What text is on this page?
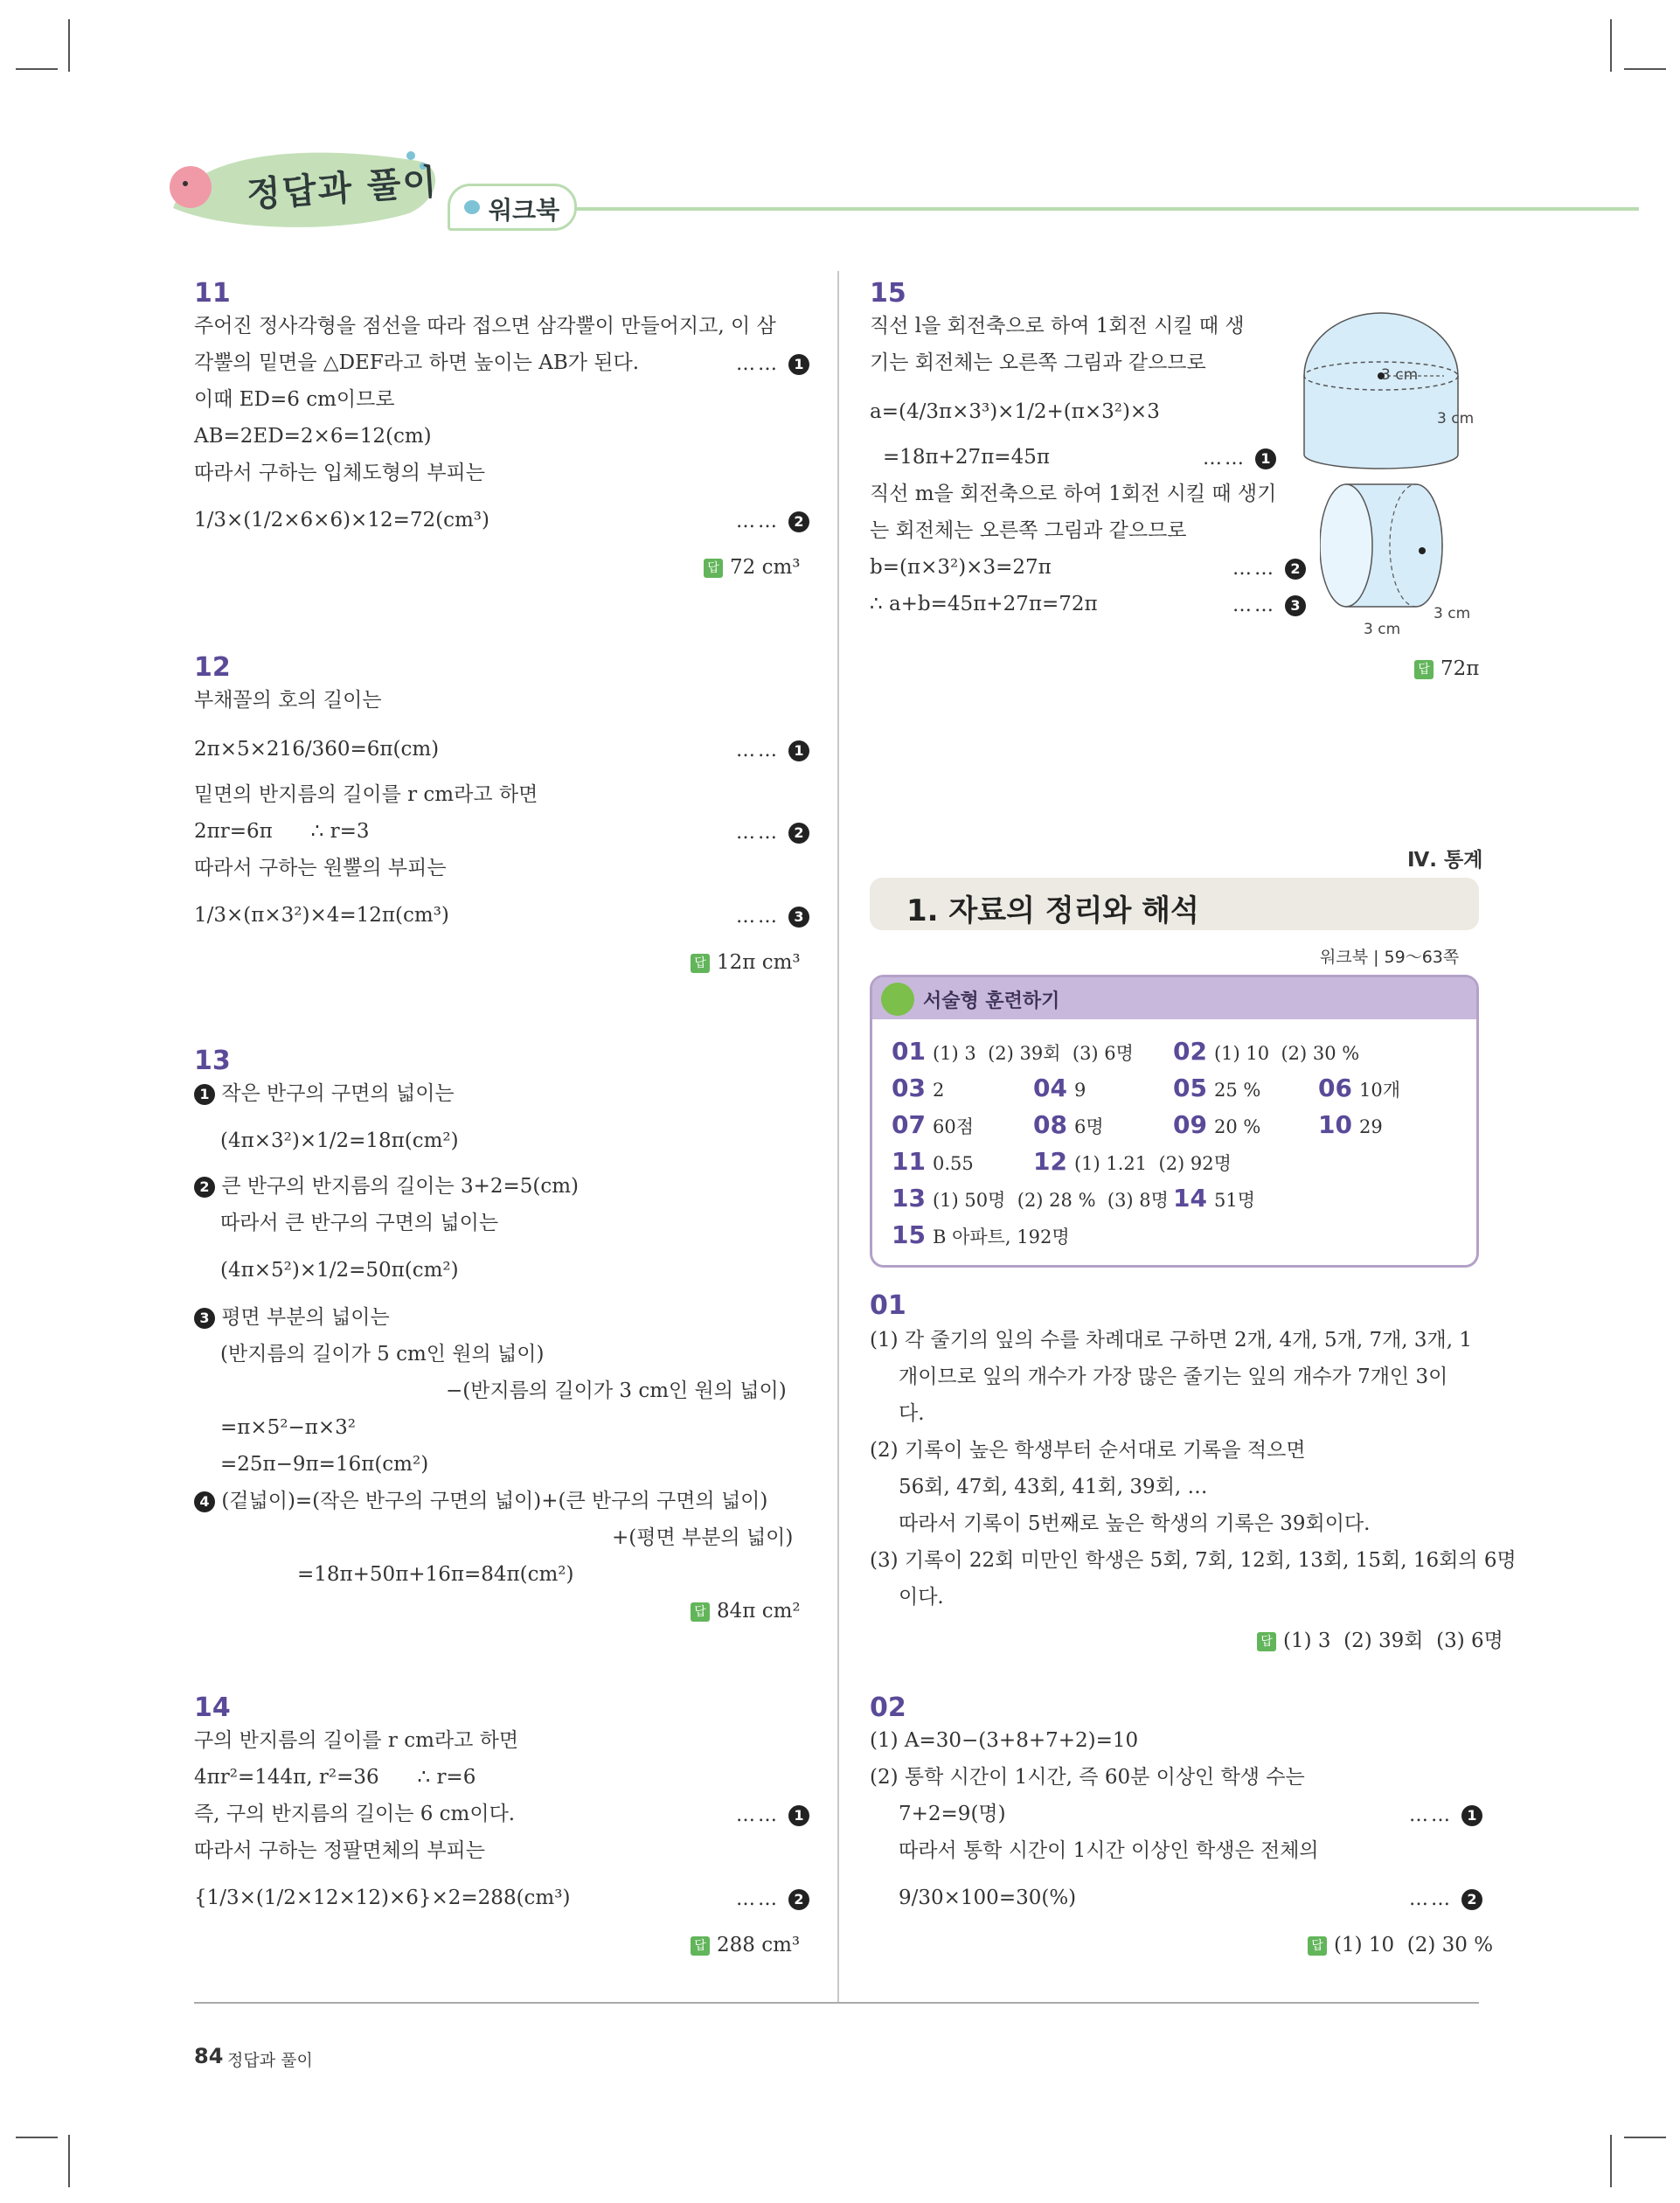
정답과 풀이 워크북
11
주어진 정사각형을 점선을 따라 접으면 삼각뿔이 만들어지고, 이 삼
각뿔의 밑면을 △DEF라고 하면 높이는 AB가 된다.	…… 1
이때 ED=6 cm이므로
AB=2ED=2×6=12(cm)
따라서 구하는 입체도형의 부피는
1/3×(1/2×6×6)×12=72(cm³)	…… 2
답 72 cm³
12
부채꼴의 호의 길이는
2π×5×216/360=6π(cm)	…… 1
밑면의 반지름의 길이를 r cm라고 하면
2πr=6π      ∴ r=3	…… 2
따라서 구하는 원뿔의 부피는
1/3×(π×3²)×4=12π(cm³)	…… 3
답 12π cm³
13
1 작은 반구의 구면의 넓이는
(4π×3²)×1/2=18π(cm²)
2 큰 반구의 반지름의 길이는 3+2=5(cm)
따라서 큰 반구의 구면의 넓이는
(4π×5²)×1/2=50π(cm²)
3 평면 부분의 넓이는
(반지름의 길이가 5 cm인 원의 넓이)
−(반지름의 길이가 3 cm인 원의 넓이)
=π×5²−π×3²
=25π−9π=16π(cm²)
4 (겉넓이)=(작은 반구의 구면의 넓이)+(큰 반구의 구면의 넓이)
+(평면 부분의 넓이)
=18π+50π+16π=84π(cm²)
답 84π cm²
14
구의 반지름의 길이를 r cm라고 하면
4πr²=144π, r²=36      ∴ r=6
즉, 구의 반지름의 길이는 6 cm이다.	…… 1
따라서 구하는 정팔면체의 부피는
{1/3×(1/2×12×12)×6}×2=288(cm³)	…… 2
답 288 cm³
15
직선 l을 회전축으로 하여 1회전 시킬 때 생
기는 회전체는 오른쪽 그림과 같으므로
a=(4/3π×3³)×1/2+(π×3²)×3
=18π+27π=45π	…… 1
직선 m을 회전축으로 하여 1회전 시킬 때 생기
는 회전체는 오른쪽 그림과 같으므로
b=(π×3²)×3=27π	…… 2
∴ a+b=45π+27π=72π	…… 3
3 cm
3 cm
3 cm
3 cm
답 72π
Ⅳ. 통계
1. 자료의 정리와 해석
워크북 | 59～63쪽
서술형 훈련하기
01 (1) 3  (2) 39회  (3) 6명 02 (1) 10  (2) 30 %
03 2	04 9	05 25 % 06 10개
07 60점 08 6명	09 20 % 10 29
11 0.55 12 (1) 1.21  (2) 92명
13 (1) 50명  (2) 28 %  (3) 8명 14 51명
15 B 아파트, 192명
01
(1) 각 줄기의 잎의 수를 차례대로 구하면 2개, 4개, 5개, 7개, 3개, 1
개이므로 잎의 개수가 가장 많은 줄기는 잎의 개수가 7개인 3이
다.
(2) 기록이 높은 학생부터 순서대로 기록을 적으면
56회, 47회, 43회, 41회, 39회, …
따라서 기록이 5번째로 높은 학생의 기록은 39회이다.
(3) 기록이 22회 미만인 학생은 5회, 7회, 12회, 13회, 15회, 16회의 6명
이다.
답 (1) 3  (2) 39회  (3) 6명
02
(1) A=30−(3+8+7+2)=10
(2) 통학 시간이 1시간, 즉 60분 이상인 학생 수는
7+2=9(명)	…… 1
따라서 통학 시간이 1시간 이상인 학생은 전체의
9/30×100=30(%)	…… 2
답 (1) 10  (2) 30 %
84 정답과 풀이
